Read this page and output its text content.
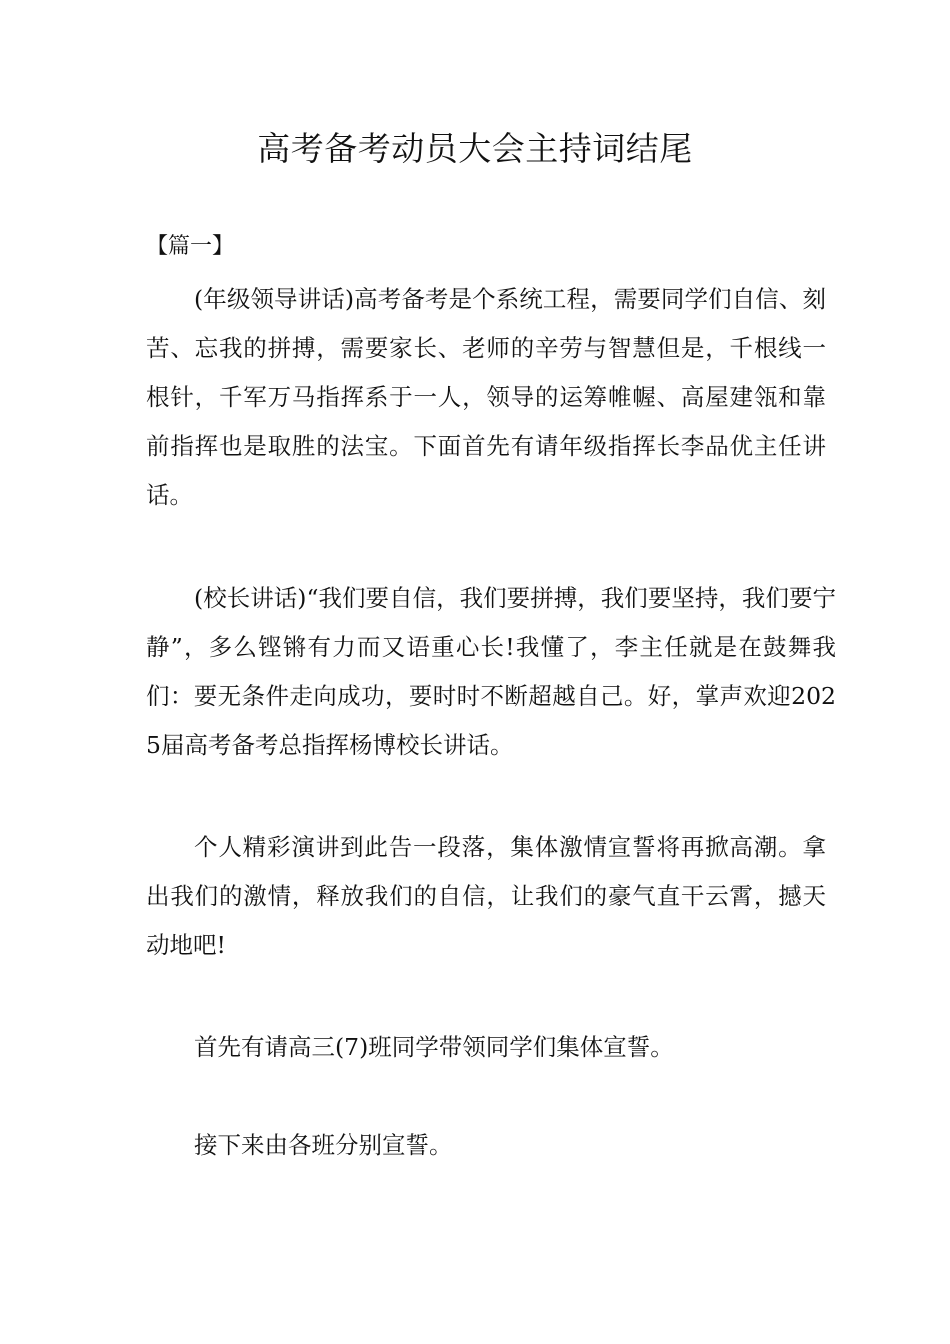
高考备考动员大会主持词结尾
【篇一】

(年级领导讲话)高考备考是个系统工程，需要同学们自信、刻苦、忘我的拼搏，需要家长、老师的辛劳与智慧但是，千根线一根针，千军万马指挥系于一人，领导的运筹帷幄、高屋建瓴和靠前指挥也是取胜的法宝。下面首先有请年级指挥长李品优主任讲话。

(校长讲话)“我们要自信，我们要拼搏，我们要坚持，我们要宁静”，多么铿锵有力而又语重心长!我懂了，李主任就是在鼓舞我们：要无条件走向成功，要时时不断超越自己。好，掌声欢迎2025届高考备考总指挥杨博校长讲话。

个人精彩演讲到此告一段落，集体激情宣誓将再掀高潮。拿出我们的激情，释放我们的自信，让我们的豪气直干云霄，撼天动地吧!

首先有请高三(7)班同学带领同学们集体宣誓。

接下来由各班分别宣誓。
